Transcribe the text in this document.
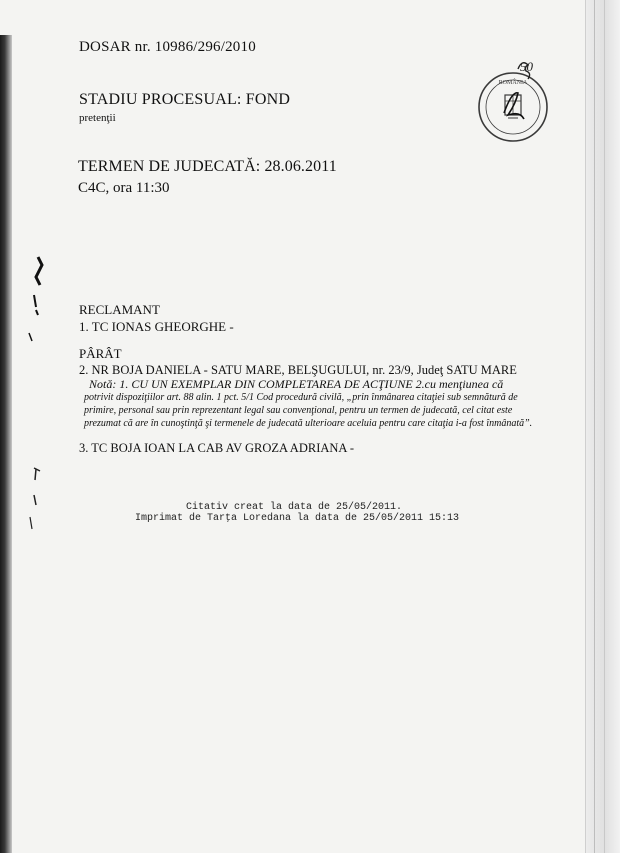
DOSAR nr. 10986/296/2010
STADIU PROCESUAL: FOND
pretenţii
TERMEN DE JUDECATĂ: 28.06.2011
C4C, ora 11:30
RECLAMANT
1. TC IONAS GHEORGHE -
PÂRÂT
2. NR BOJA DANIELA - SATU MARE, BELŞUGULUI, nr. 23/9, Judeţ SATU MARE
Notă: 1. CU UN EXEMPLAR DIN COMPLETAREA DE ACŢIUNE 2.cu menţiunea că
potrivit dispoziţiilor art. 88 alin. 1 pct. 5/1 Cod procedură civilă, „prin înmânarea citaţiei sub semnătură de
primire, personal sau prin reprezentant legal sau convenţional, pentru un termen de judecată, cel citat este
prezumat că are în cunoştinţă şi termenele de judecată ulterioare aceluia pentru care citaţia i-a fost înmânată”.
3. TC BOJA IOAN LA CAB AV GROZA ADRIANA -
Citativ creat la data de 25/05/2011.
Imprimat de Tarţa Loredana la data de 25/05/2011 15:13
ROMÂNIA
50
